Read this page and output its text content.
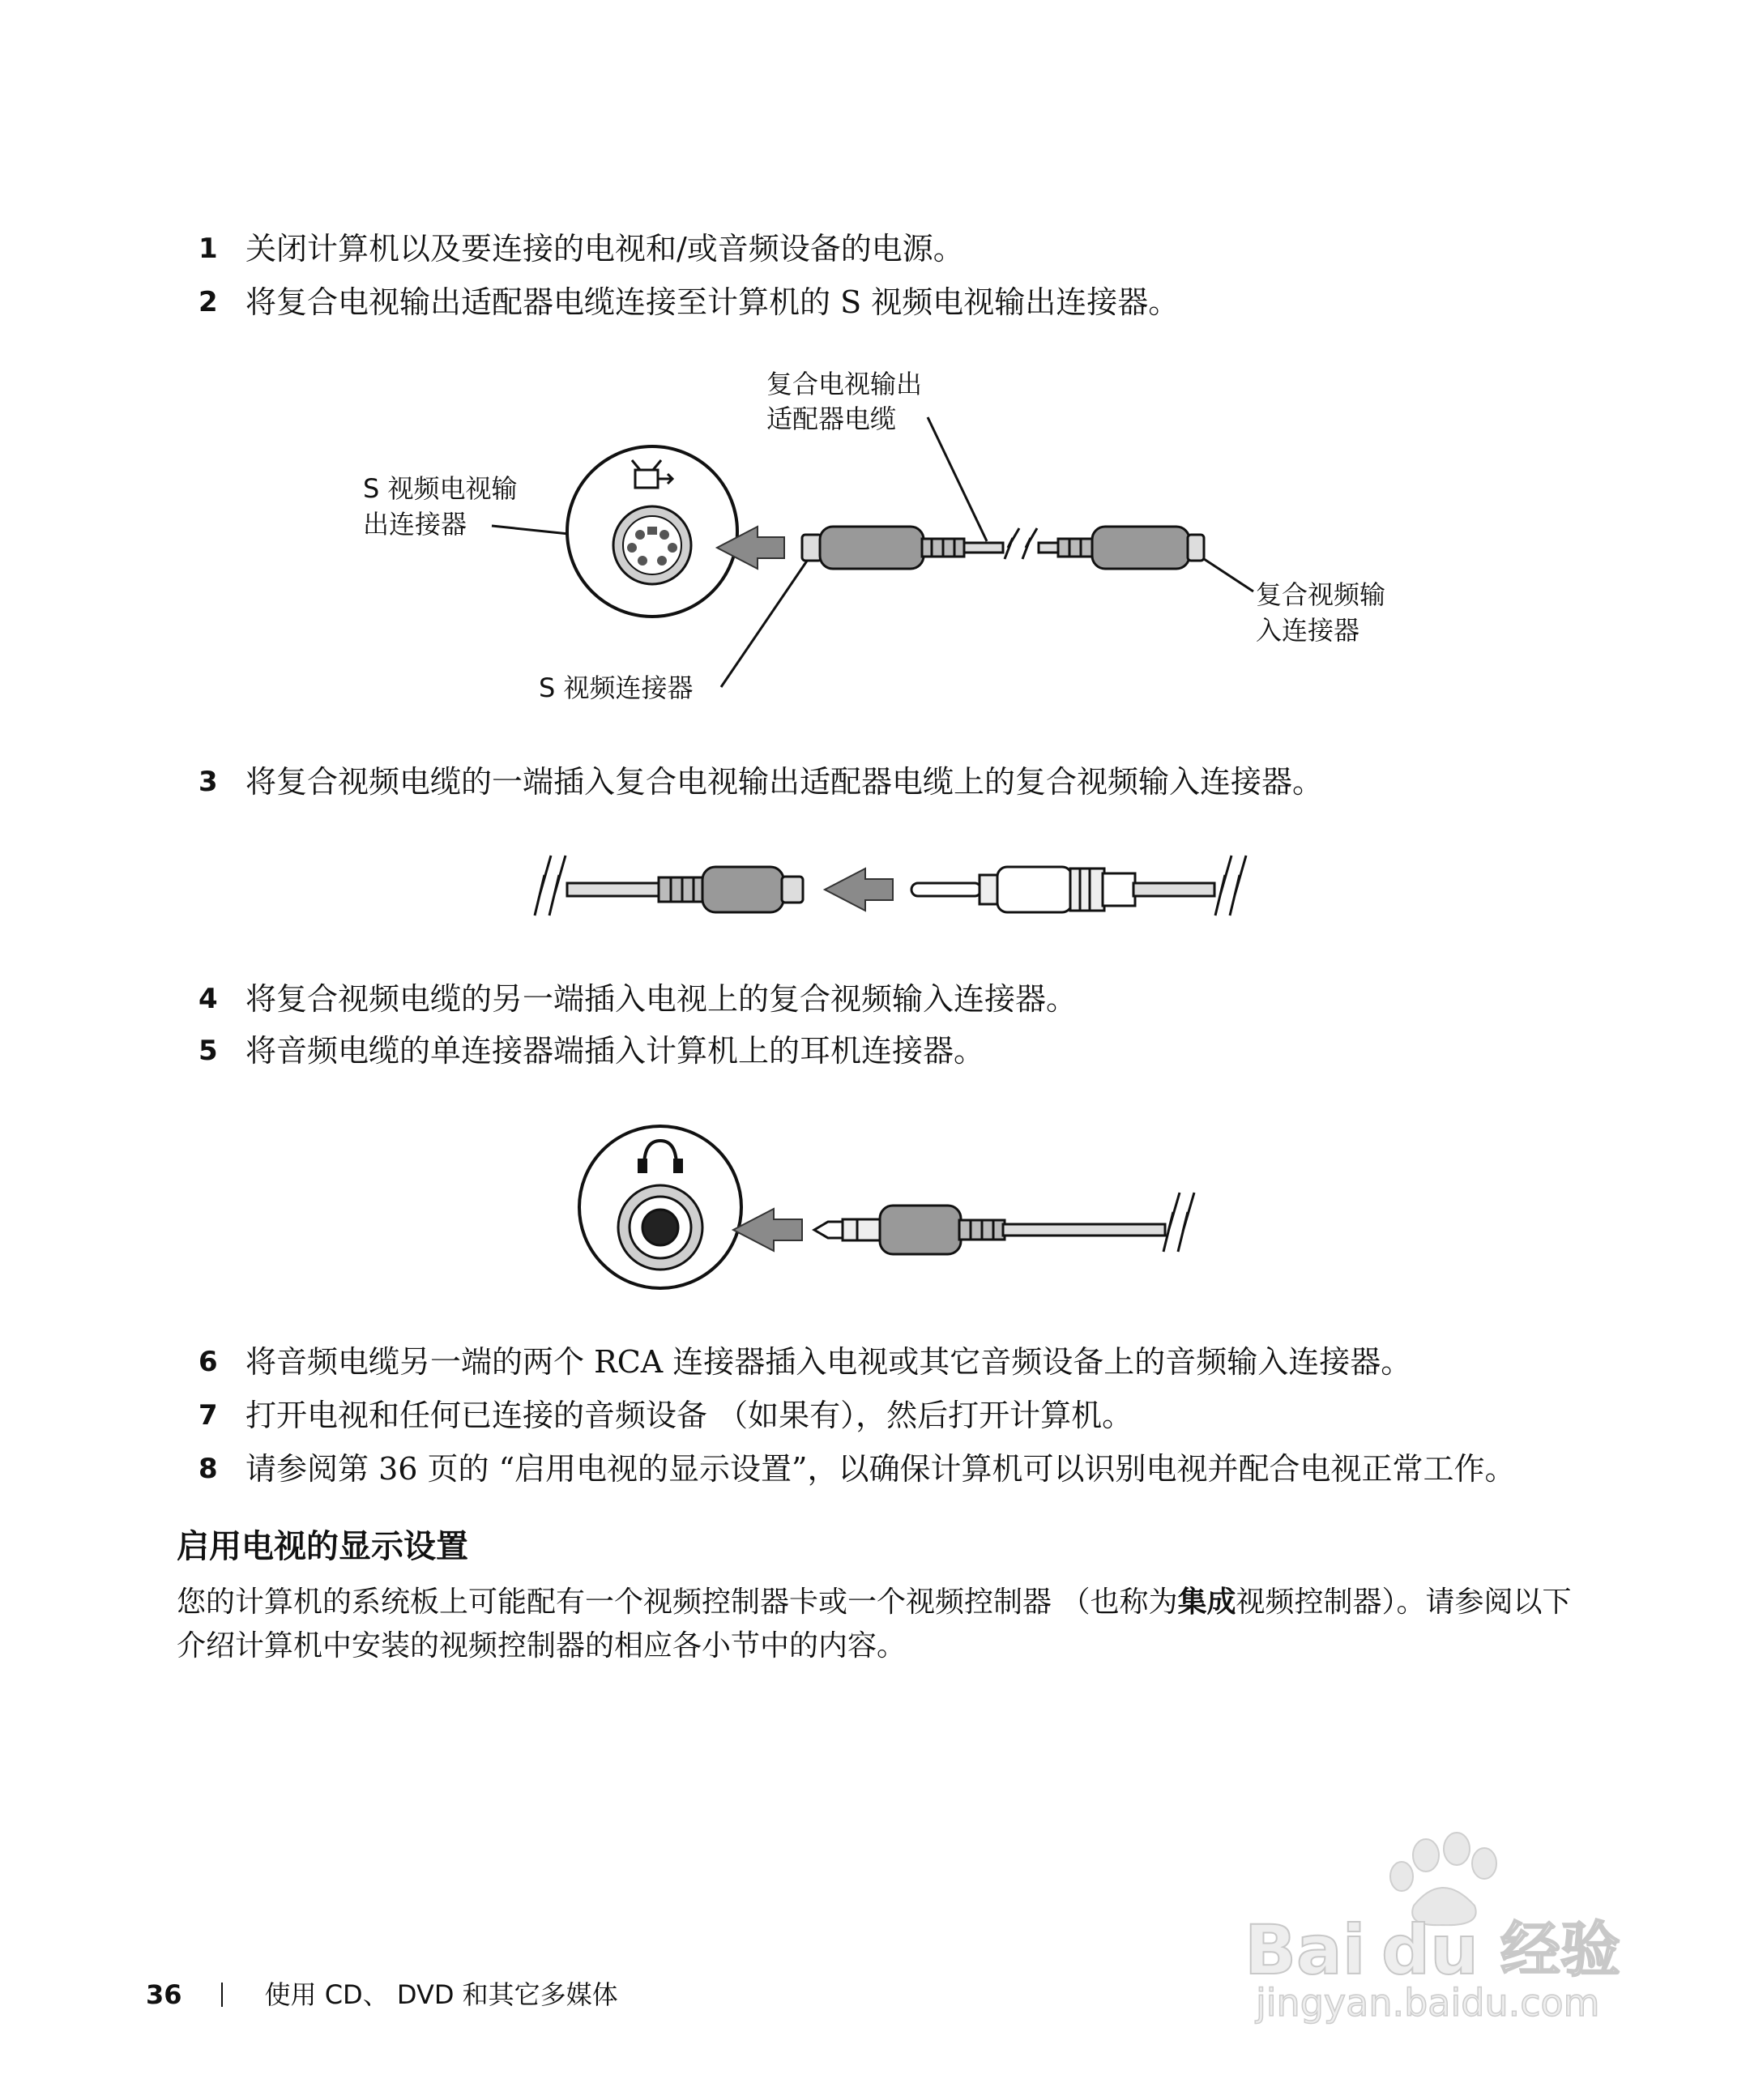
1 关闭计算机以及要连接的电视和/或音频设备的电源。
2 将复合电视输出适配器电缆连接至计算机的 S 视频电视输出连接器。
复合电视输出
适配器电缆
S 视频电视输
出连接器
复合视频输
入连接器
S 视频连接器
3 将复合视频电缆的一端插入复合电视输出适配器电缆上的复合视频输入连接器。
4 将复合视频电缆的另一端插入电视上的复合视频输入连接器。
5 将音频电缆的单连接器端插入计算机上的耳机连接器。
6 将音频电缆另一端的两个 RCA 连接器插入电视或其它音频设备上的音频输入连接器。
7 打开电视和任何已连接的音频设备 （如果有），然后打开计算机。
8 请参阅第 36 页的 “启用电视的显示设置”，以确保计算机可以识别电视并配合电视正常工作。
启用电视的显示设置
您的计算机的系统板上可能配有一个视频控制器卡或一个视频控制器 （也称为集成视频控制器）。请参阅以下介绍计算机中安装的视频控制器的相应各小节中的内容。
36	使用 CD、 DVD 和其它多媒体
Bai du 经验
jingyan.baidu.com
